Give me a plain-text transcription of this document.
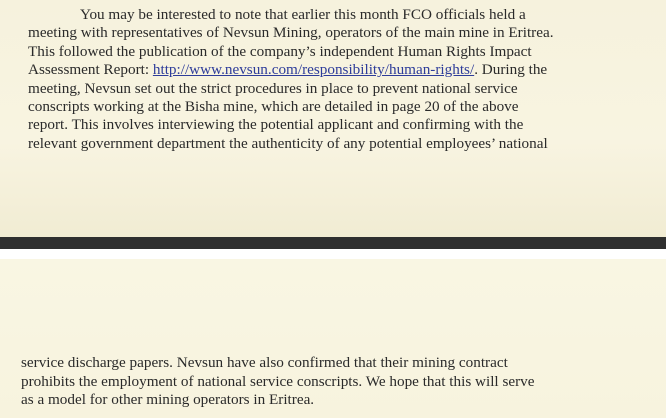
You may be interested to note that earlier this month FCO officials held a
meeting with representatives of Nevsun Mining, operators of the main mine in Eritrea.
This followed the publication of the company’s independent Human Rights Impact
Assessment Report: http://www.nevsun.com/responsibility/human-rights/. During the
meeting, Nevsun set out the strict procedures in place to prevent national service
conscripts working at the Bisha mine, which are detailed in page 20 of the above
report. This involves interviewing the potential applicant and confirming with the
relevant government department the authenticity of any potential employees’ national

service discharge papers. Nevsun have also confirmed that their mining contract
prohibits the employment of national service conscripts. We hope that this will serve
as a model for other mining operators in Eritrea.
